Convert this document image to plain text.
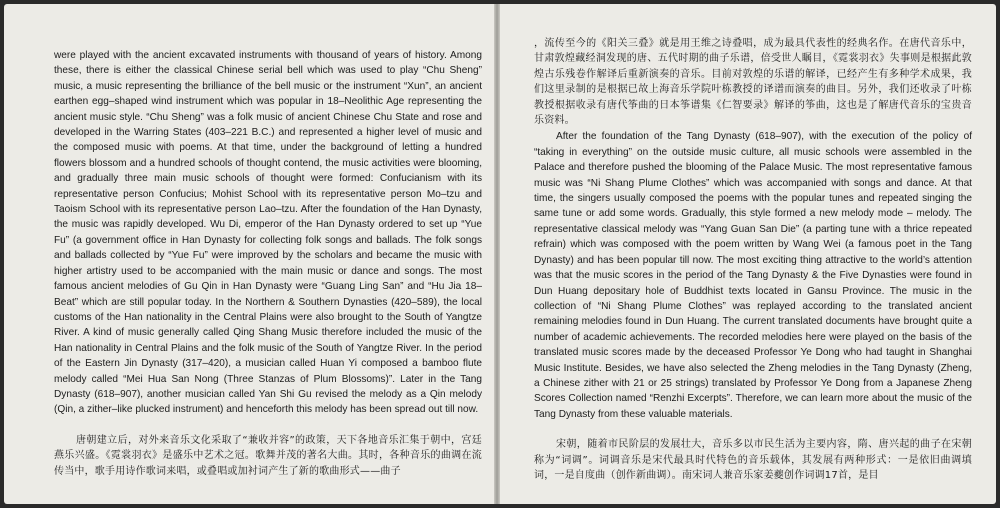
were played with the ancient excavated instruments with thousand of years of history. Among these, there is either the classical Chinese serial bell which was used to play “Chu Sheng” music, a music representing the brilliance of the bell music or the instrument “Xun”, an ancient earthen egg–shaped wind instrument which was popular in 18–Neolithic Age representing the ancient music style. “Chu Sheng” was a folk music of ancient Chinese Chu State and rose and developed in the Warring States (403–221 B.C.) and represented a higher level of music and the composed music with poems. At that time, under the background of letting a hundred flowers blossom and a hundred schools of thought contend, the music activities were blooming, and gradually three main music schools of thought were formed: Confucianism with its representative person Confucius; Mohist School with its representative person Mo–tzu and Taoism School with its representative person Lao–tzu. After the foundation of the Han Dynasty, the music was rapidly developed. Wu Di, emperor of the Han Dynasty ordered to set up “Yue Fu” (a government office in Han Dynasty for collecting folk songs and ballads. The folk songs and ballads collected by “Yue Fu” were improved by the scholars and became the music with higher artistry used to be accompanied with the main music or dance and songs. The most famous ancient melodies of Gu Qin in Han Dynasty were “Guang Ling San” and “Hu Jia 18–Beat” which are still popular today. In the Northern & Southern Dynasties (420–589), the local customs of the Han nationality in the Central Plains were also brought to the South of Yangtze River. A kind of music generally called Qing Shang Music therefore included the music of the Han nationality in Central Plains and the folk music of the South of Yangtze River. In the period of the Eastern Jin Dynasty (317–420), a musician called Huan Yi composed a bamboo flute melody called “Mei Hua San Nong (Three Stanzas of Plum Blossoms)”. Later in the Tang Dynasty (618–907), another musician called Yan Shi Gu revised the melody as a Qin melody (Qin, a zither–like plucked instrument) and henceforth this melody has been spread out till now.

唐朝建立后，对外来音乐文化采取了“兼收并容”的政策，天下各地音乐汇集于朝中，宫廷燕乐兴盛。《霓裳羽衣》是盛乐中艺术之冠。歌舞并茂的著名大曲。其时，各种音乐的曲调在流传当中，歌手用诗作歌词来唱，或叠唱或加衬词产生了新的歌曲形式——曲子

，流传至今的《阳关三叠》就是用王维之诗叠唱，成为最具代表性的经典名作。在唐代音乐中，甘肃敦煌藏经洞发现的唐、五代时期的曲子乐谱，倍受世人瞩目，《霓裳羽衣》失事则是根据此敦煌古乐残卷作解译后重新演奏的音乐。目前对敦煌的乐谱的解译，已经产生有多种学术成果，我们这里录制的是根据已故上海音乐学院叶栋教授的译谱而演奏的曲目。另外，我们还收录了叶栋教授根据收录有唐代筝曲的日本筝谱集《仁智要录》解译的筝曲，这也是了解唐代音乐的宝贵音乐资料。

After the foundation of the Tang Dynasty (618–907), with the execution of the policy of “taking in everything” on the outside music culture, all music schools were assembled in the Palace and therefore pushed the blooming of the Palace Music. The most representative famous music was “Ni Shang Plume Clothes” which was accompanied with songs and dance. At that time, the singers usually composed the poems with the popular tunes and repeated singing the same tune or add some words. Gradually, this style formed a new melody mode – melody. The representative classical melody was “Yang Guan San Die” (a parting tune with a thrice repeated refrain) which was composed with the poem written by Wang Wei (a famous poet in the Tang Dynasty) and has been popular till now. The most exciting thing attractive to the world’s attention was that the music scores in the period of the Tang Dynasty & the Five Dynasties were found in Dun Huang depositary hole of Buddhist texts located in Gansu Province. The music in the collection of “Ni Shang Plume Clothes” was replayed according to the translated ancient remaining melodies found in Dun Huang. The current translated documents have brought quite a number of academic achievements. The recorded melodies here were played on the basis of the translated music scores made by the deceased Professor Ye Dong who had taught in Shanghai Music Institute. Besides, we have also selected the Zheng melodies in the Tang Dynasty (Zheng, a Chinese zither with 21 or 25 strings) translated by Professor Ye Dong from a Japanese Zheng Scores Collection named “Renzhi Excerpts”. Therefore, we can learn more about the music of the Tang Dynasty from these valuable materials.

宋朝，随着市民阶层的发展壮大，音乐多以市民生活为主要内容，隋、唐兴起的曲子在宋朝称为“词调”。词调音乐是宋代最具时代特色的音乐载体，其发展有两种形式：一是依旧曲调填词，一是自度曲（创作新曲调）。南宋词人兼音乐家姜夔创作词调17首，是目
